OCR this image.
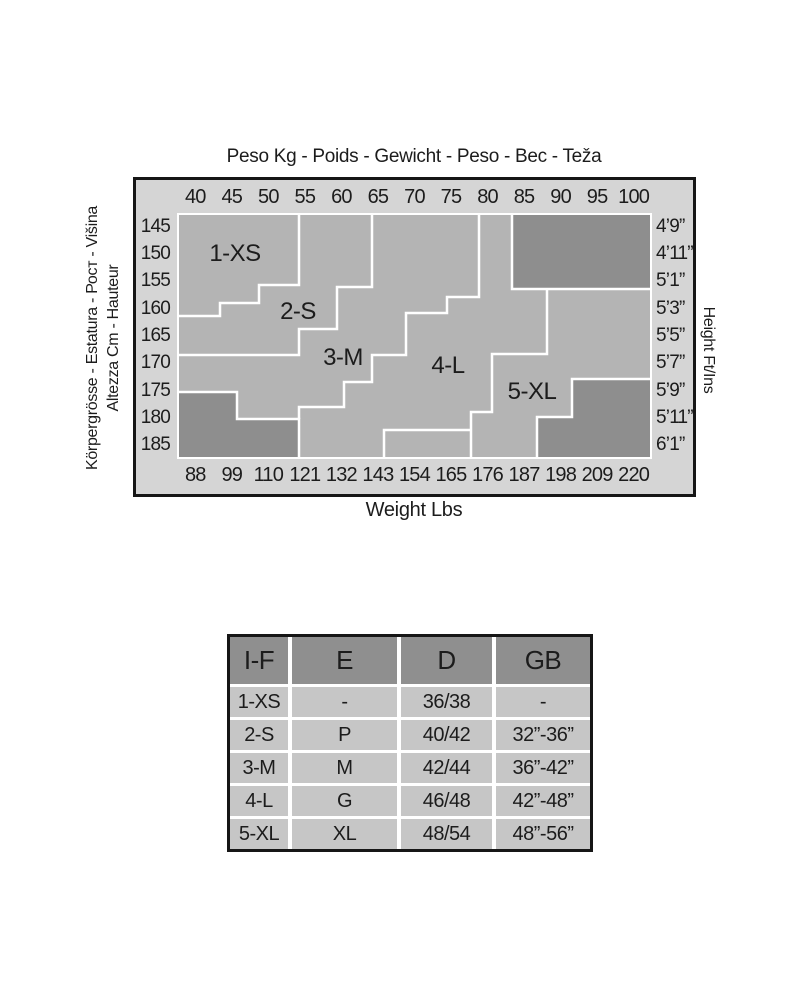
Peso Kg - Poids - Gewicht - Peso - Bec - Teža
40 45 50 55 60 65 70 75 80 85 90 95 100
145
150
155
160
165
170
175
180
185
1-XS
2-S
3-M	4-L
5-XL
4’9”
4’11”
5’1”
5’3”
5’5”
5’7”
5’9”
5’11”
6’1”
88 99 110 121 132 143 154 165 176 187 198 209 220
Körpergrösse - Estatura - Рост - Višina Altezza Cm - Hauteur	Height Ft/Ins
Weight Lbs
I-F	E	D	GB
1-XS	-	36/38	-
2-S	P	40/42	32”-36”
3-M	M	42/44	36”-42”
4-L	G	46/48	42”-48”
5-XL	XL	48/54	48”-56”
